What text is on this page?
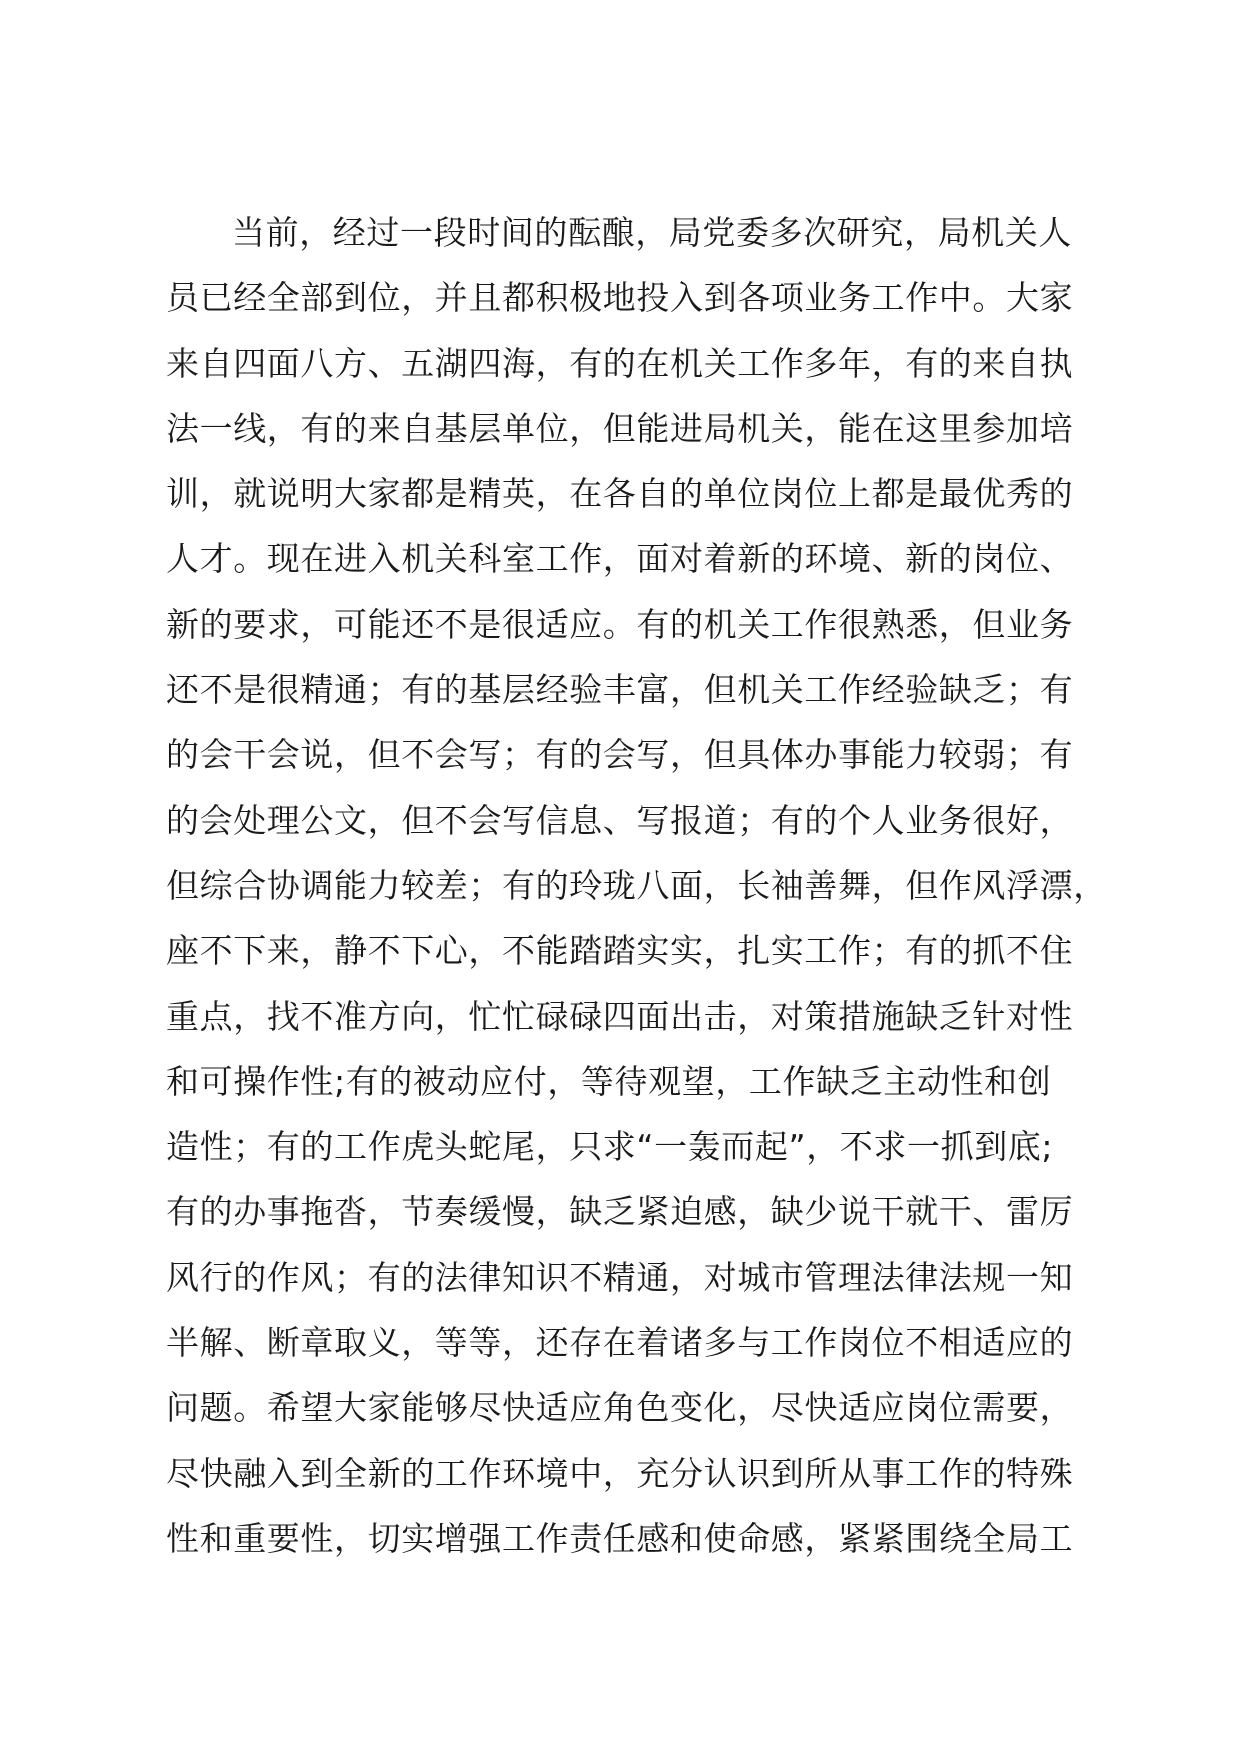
当前，经过一段时间的酝酿，局党委多次研究，局机关人
员已经全部到位，并且都积极地投入到各项业务工作中。大家
来自四面八方、五湖四海，有的在机关工作多年，有的来自执
法一线，有的来自基层单位，但能进局机关，能在这里参加培
训，就说明大家都是精英，在各自的单位岗位上都是最优秀的
人才。现在进入机关科室工作，面对着新的环境、新的岗位、
新的要求，可能还不是很适应。有的机关工作很熟悉，但业务
还不是很精通；有的基层经验丰富，但机关工作经验缺乏；有
的会干会说，但不会写；有的会写，但具体办事能力较弱；有
的会处理公文，但不会写信息、写报道；有的个人业务很好，
但综合协调能力较差；有的玲珑八面，长袖善舞，但作风浮漂，
座不下来，静不下心，不能踏踏实实，扎实工作；有的抓不住
重点，找不准方向，忙忙碌碌四面出击，对策措施缺乏针对性
和可操作性;有的被动应付，等待观望，工作缺乏主动性和创
造性；有的工作虎头蛇尾，只求“一轰而起”，不求一抓到底;
有的办事拖沓，节奏缓慢，缺乏紧迫感，缺少说干就干、雷厉
风行的作风；有的法律知识不精通，对城市管理法律法规一知
半解、断章取义，等等，还存在着诸多与工作岗位不相适应的
问题。希望大家能够尽快适应角色变化，尽快适应岗位需要，
尽快融入到全新的工作环境中，充分认识到所从事工作的特殊
性和重要性，切实增强工作责任感和使命感，紧紧围绕全局工
